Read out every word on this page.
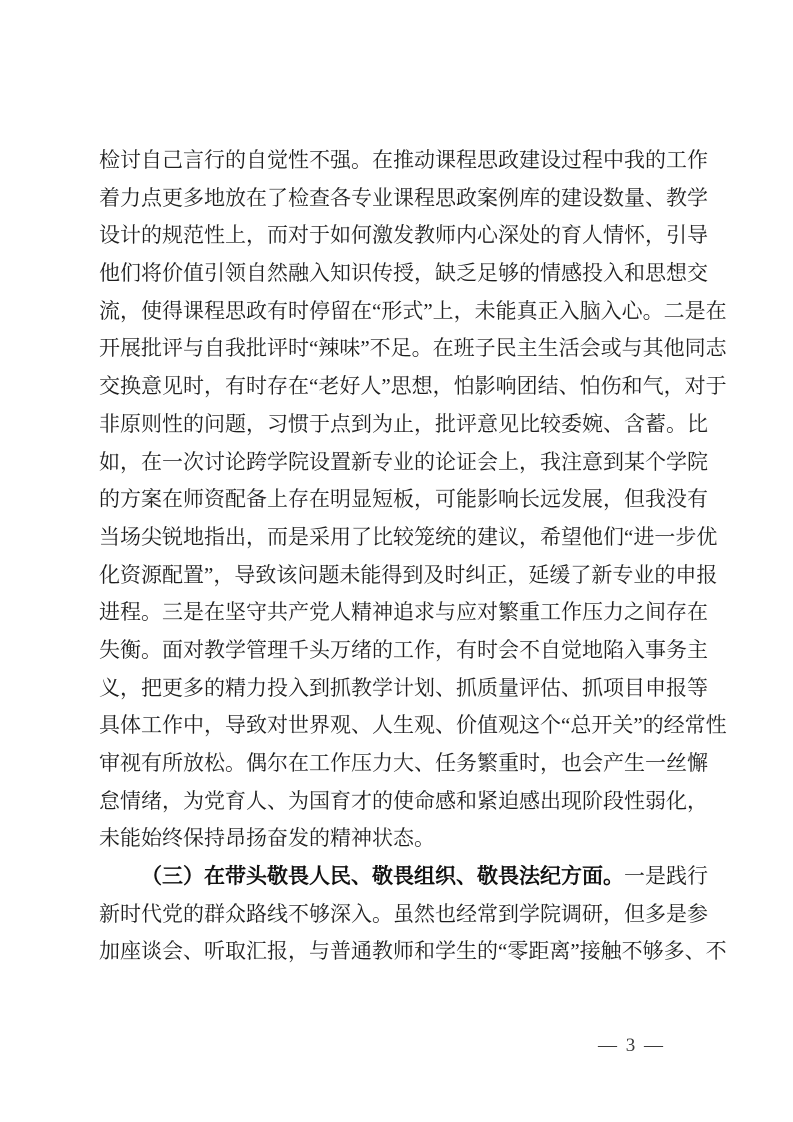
检讨自己言行的自觉性不强。在推动课程思政建设过程中我的工作
着力点更多地放在了检查各专业课程思政案例库的建设数量、教学
设计的规范性上，而对于如何激发教师内心深处的育人情怀，引导
他们将价值引领自然融入知识传授，缺乏足够的情感投入和思想交
流，使得课程思政有时停留在“形式”上，未能真正入脑入心。二是在
开展批评与自我批评时“辣味”不足。在班子民主生活会或与其他同志
交换意见时，有时存在“老好人”思想，怕影响团结、怕伤和气，对于
非原则性的问题，习惯于点到为止，批评意见比较委婉、含蓄。比
如，在一次讨论跨学院设置新专业的论证会上，我注意到某个学院
的方案在师资配备上存在明显短板，可能影响长远发展，但我没有
当场尖锐地指出，而是采用了比较笼统的建议，希望他们“进一步优
化资源配置”，导致该问题未能得到及时纠正，延缓了新专业的申报
进程。三是在坚守共产党人精神追求与应对繁重工作压力之间存在
失衡。面对教学管理千头万绪的工作，有时会不自觉地陷入事务主
义，把更多的精力投入到抓教学计划、抓质量评估、抓项目申报等
具体工作中，导致对世界观、人生观、价值观这个“总开关”的经常性
审视有所放松。偶尔在工作压力大、任务繁重时，也会产生一丝懈
怠情绪，为党育人、为国育才的使命感和紧迫感出现阶段性弱化，
未能始终保持昂扬奋发的精神状态。
（三）在带头敬畏人民、敬畏组织、敬畏法纪方面。一是践行
新时代党的群众路线不够深入。虽然也经常到学院调研，但多是参
加座谈会、听取汇报，与普通教师和学生的“零距离”接触不够多、不
— 3 —
